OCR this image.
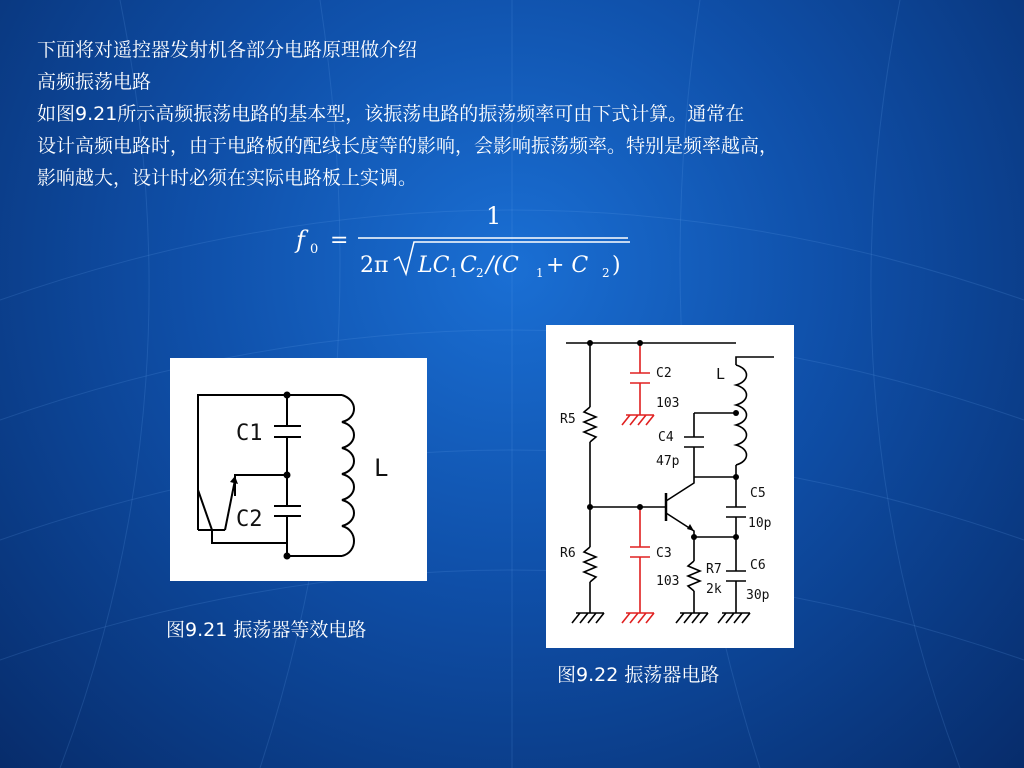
下面将对遥控器发射机各部分电路原理做介绍
高频振荡电路
如图9.21所示高频振荡电路的基本型，该振荡电路的振荡频率可由下式计算。通常在
设计高频电路时，由于电路板的配线长度等的影响，会影响振荡频率。特别是频率越高，
影响越大，设计时必须在实际电路板上实调。
f 0 =
1
2π LC 1 C 2 /(C 1 + C 2 )
C1
C2
L
C2
103
L
R5
C4
47p
C5
10p
R6	C3
103
R7
2k
C6
30p
图9.21 振荡器等效电路
图9.22 振荡器电路
